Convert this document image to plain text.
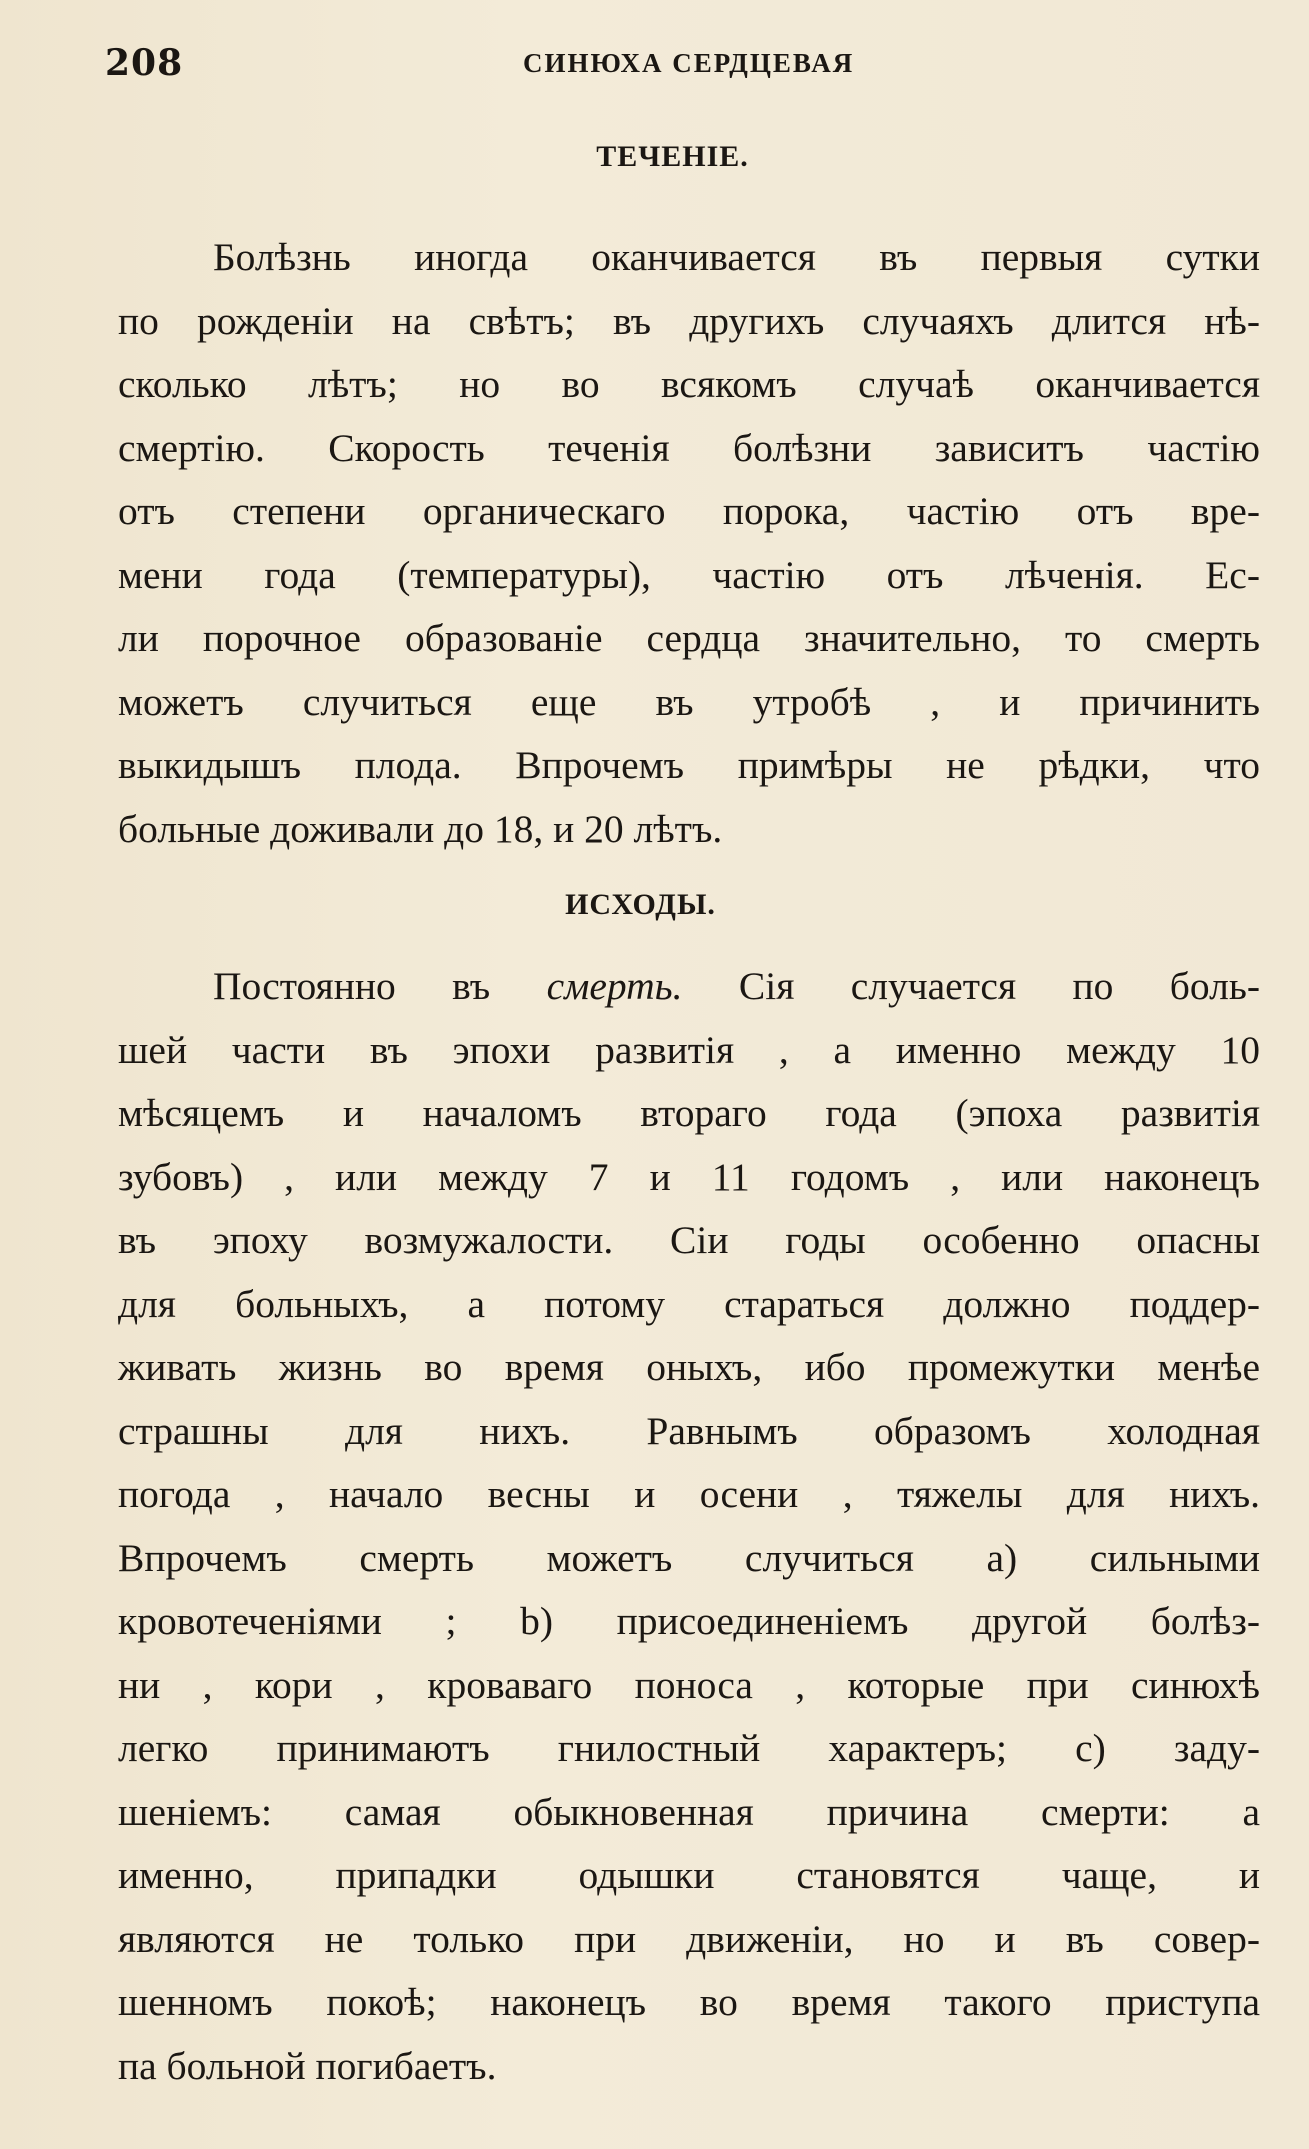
208	СИНЮХА СЕРДЦЕВАЯ
ТЕЧЕНІЕ.
Болѣзнь иногда оканчивается въ первыя сутки
по рожденіи на свѣтъ; въ другихъ случаяхъ длится нѣ-
сколько лѣтъ; но во всякомъ случаѣ оканчивается
смертію. Скорость теченія болѣзни зависитъ частію
отъ степени органическаго порока, частію отъ вре-
мени года (температуры), частію отъ лѣченія. Ес-
ли порочное образованіе сердца значительно, то смерть
можетъ случиться еще въ утробѣ , и причинить
выкидышъ плода. Впрочемъ примѣры не рѣдки, что
больные доживали до 18, и 20 лѣтъ.
ИСХОДЫ.
Постоянно въ смерть. Сія случается по боль-
шей части въ эпохи развитія , а именно между 10
мѣсяцемъ и началомъ втораго года (эпоха развитія
зубовъ) , или между 7 и 11 годомъ , или наконецъ
въ эпоху возмужалости. Сіи годы особенно опасны
для больныхъ, а потому стараться должно поддер-
живать жизнь во время оныхъ, ибо промежутки менѣе
страшны для нихъ. Равнымъ образомъ холодная
погода , начало весны и осени , тяжелы для нихъ.
Впрочемъ смерть можетъ случиться a) сильными
кровотеченіями ; b) присоединеніемъ другой болѣз-
ни , кори , кроваваго поноса , которые при синюхѣ
легко принимаютъ гнилостный характеръ; с) заду-
шеніемъ: самая обыкновенная причина смерти: а
именно, припадки одышки становятся чаще, и
являются не только при движеніи, но и въ совер-
шенномъ покоѣ; наконецъ во время такого приступа
па больной погибаетъ.
